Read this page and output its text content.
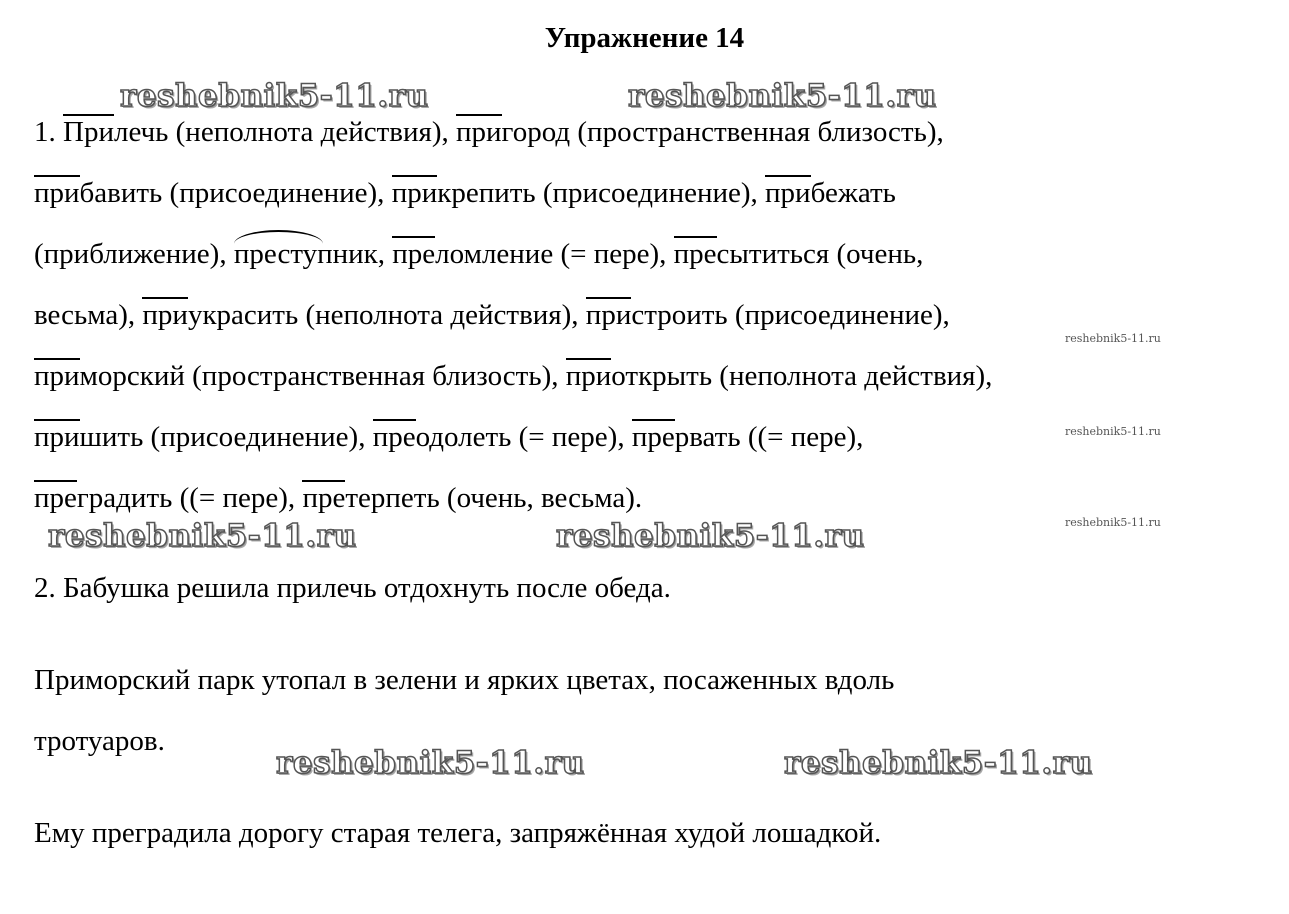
Упражнение 14
reshebnik5-11.ru	reshebnik5-11.ru
reshebnik5-11.ru	reshebnik5-11.ru
reshebnik5-11.ru	reshebnik5-11.ru
reshebnik5-11.ru
reshebnik5-11.ru
reshebnik5-11.ru
1. Прилечь (неполнота действия), пригород (пространственная близость),
прибавить (присоединение), прикрепить (присоединение), прибежать
(приближение), преступник, преломление (= пере), пресытиться (очень,
весьма), приукрасить (неполнота действия), пристроить (присоединение),
приморский (пространственная близость), приоткрыть (неполнота действия),
пришить (присоединение), преодолеть (= пере), прервать ((= пере),
преградить ((= пере), претерпеть (очень, весьма).
2. Бабушка решила прилечь отдохнуть после обеда.
Приморский парк утопал в зелени и ярких цветах, посаженных вдоль
тротуаров.
Ему преградила дорогу старая телега, запряжённая худой лошадкой.
